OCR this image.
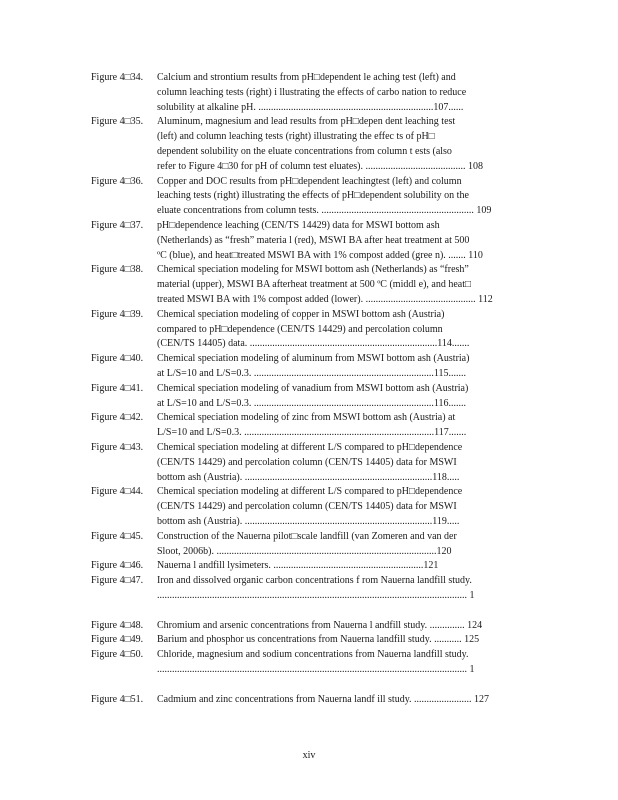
Figure 4□34.	Calcium and strontium results from pH□dependent le aching test (left) and
column leaching tests (right) i llustrating the effects of carbo nation to reduce
solubility at alkaline pH. ......................................................................107......
Figure 4□35.	Aluminum, magnesium and lead results from pH□depen dent leaching test
(left) and column leaching tests (right) illustrating the effec ts of pH□
dependent solubility on the eluate concentrations from column t ests (also
refer to Figure 4□30 for pH of column test eluates). ........................................ 108
Figure 4□36.	Copper and DOC results from pH□dependent leachingtest (left) and column
leaching tests (right) illustrating the effects of pH□dependent solubility on the
eluate concentrations from column tests. ............................................................. 109
Figure 4□37.	pH□dependence leaching (CEN/TS 14429) data for MSWI bottom ash
(Netherlands) as “fresh” materia l (red), MSWI BA after heat treatment at 500
ºC (blue), and heat□treated MSWI BA with 1% compost added (gree n). ....... 110
Figure 4□38.	Chemical speciation modeling for MSWI bottom ash (Netherlands) as “fresh”
material (upper), MSWI BA afterheat treatment at 500 ºC (middl e), and heat□
treated MSWI BA with 1% compost added (lower). ............................................ 112
Figure 4□39.	Chemical speciation modeling of copper in MSWI bottom ash (Austria)
compared to pH□dependence (CEN/TS 14429) and percolation column
(CEN/TS 14405) data. ...........................................................................114.......
Figure 4□40.	Chemical speciation modeling of aluminum from MSWI bottom ash (Austria)
at L/S=10 and L/S=0.3. ........................................................................115.......
Figure 4□41.	Chemical speciation modeling of vanadium from MSWI bottom ash (Austria)
at L/S=10 and L/S=0.3. ........................................................................116.......
Figure 4□42.	Chemical speciation modeling of zinc from MSWI bottom ash (Austria) at
L/S=10 and L/S=0.3. ............................................................................117.......
Figure 4□43.	Chemical speciation modeling at different L/S compared to pH□dependence
(CEN/TS 14429) and percolation column (CEN/TS 14405) data for MSWI
bottom ash (Austria). ...........................................................................118.....
Figure 4□44.	Chemical speciation modeling at different L/S compared to pH□dependence
(CEN/TS 14429) and percolation column (CEN/TS 14405) data for MSWI
bottom ash (Austria). ...........................................................................119.....
Figure 4□45.	Construction of the Nauerna pilot□scale landfill (van Zomeren and van der
Sloot, 2006b). ........................................................................................120
Figure 4□46.	Nauerna l andfill lysimeters. ............................................................121
Figure 4□47.	Iron and dissolved organic carbon concentrations f rom Nauerna landfill study.
............................................................................................................................ 1
Figure 4□48.	Chromium and arsenic concentrations from Nauerna l andfill study. .............. 124
Figure 4□49.	Barium and phosphor us concentrations from Nauerna landfill study. ........... 125
Figure 4□50.	Chloride, magnesium and sodium concentrations from Nauerna landfill study.
............................................................................................................................ 1
Figure 4□51.	Cadmium and zinc concentrations from Nauerna landf ill study. ....................... 127
xiv
